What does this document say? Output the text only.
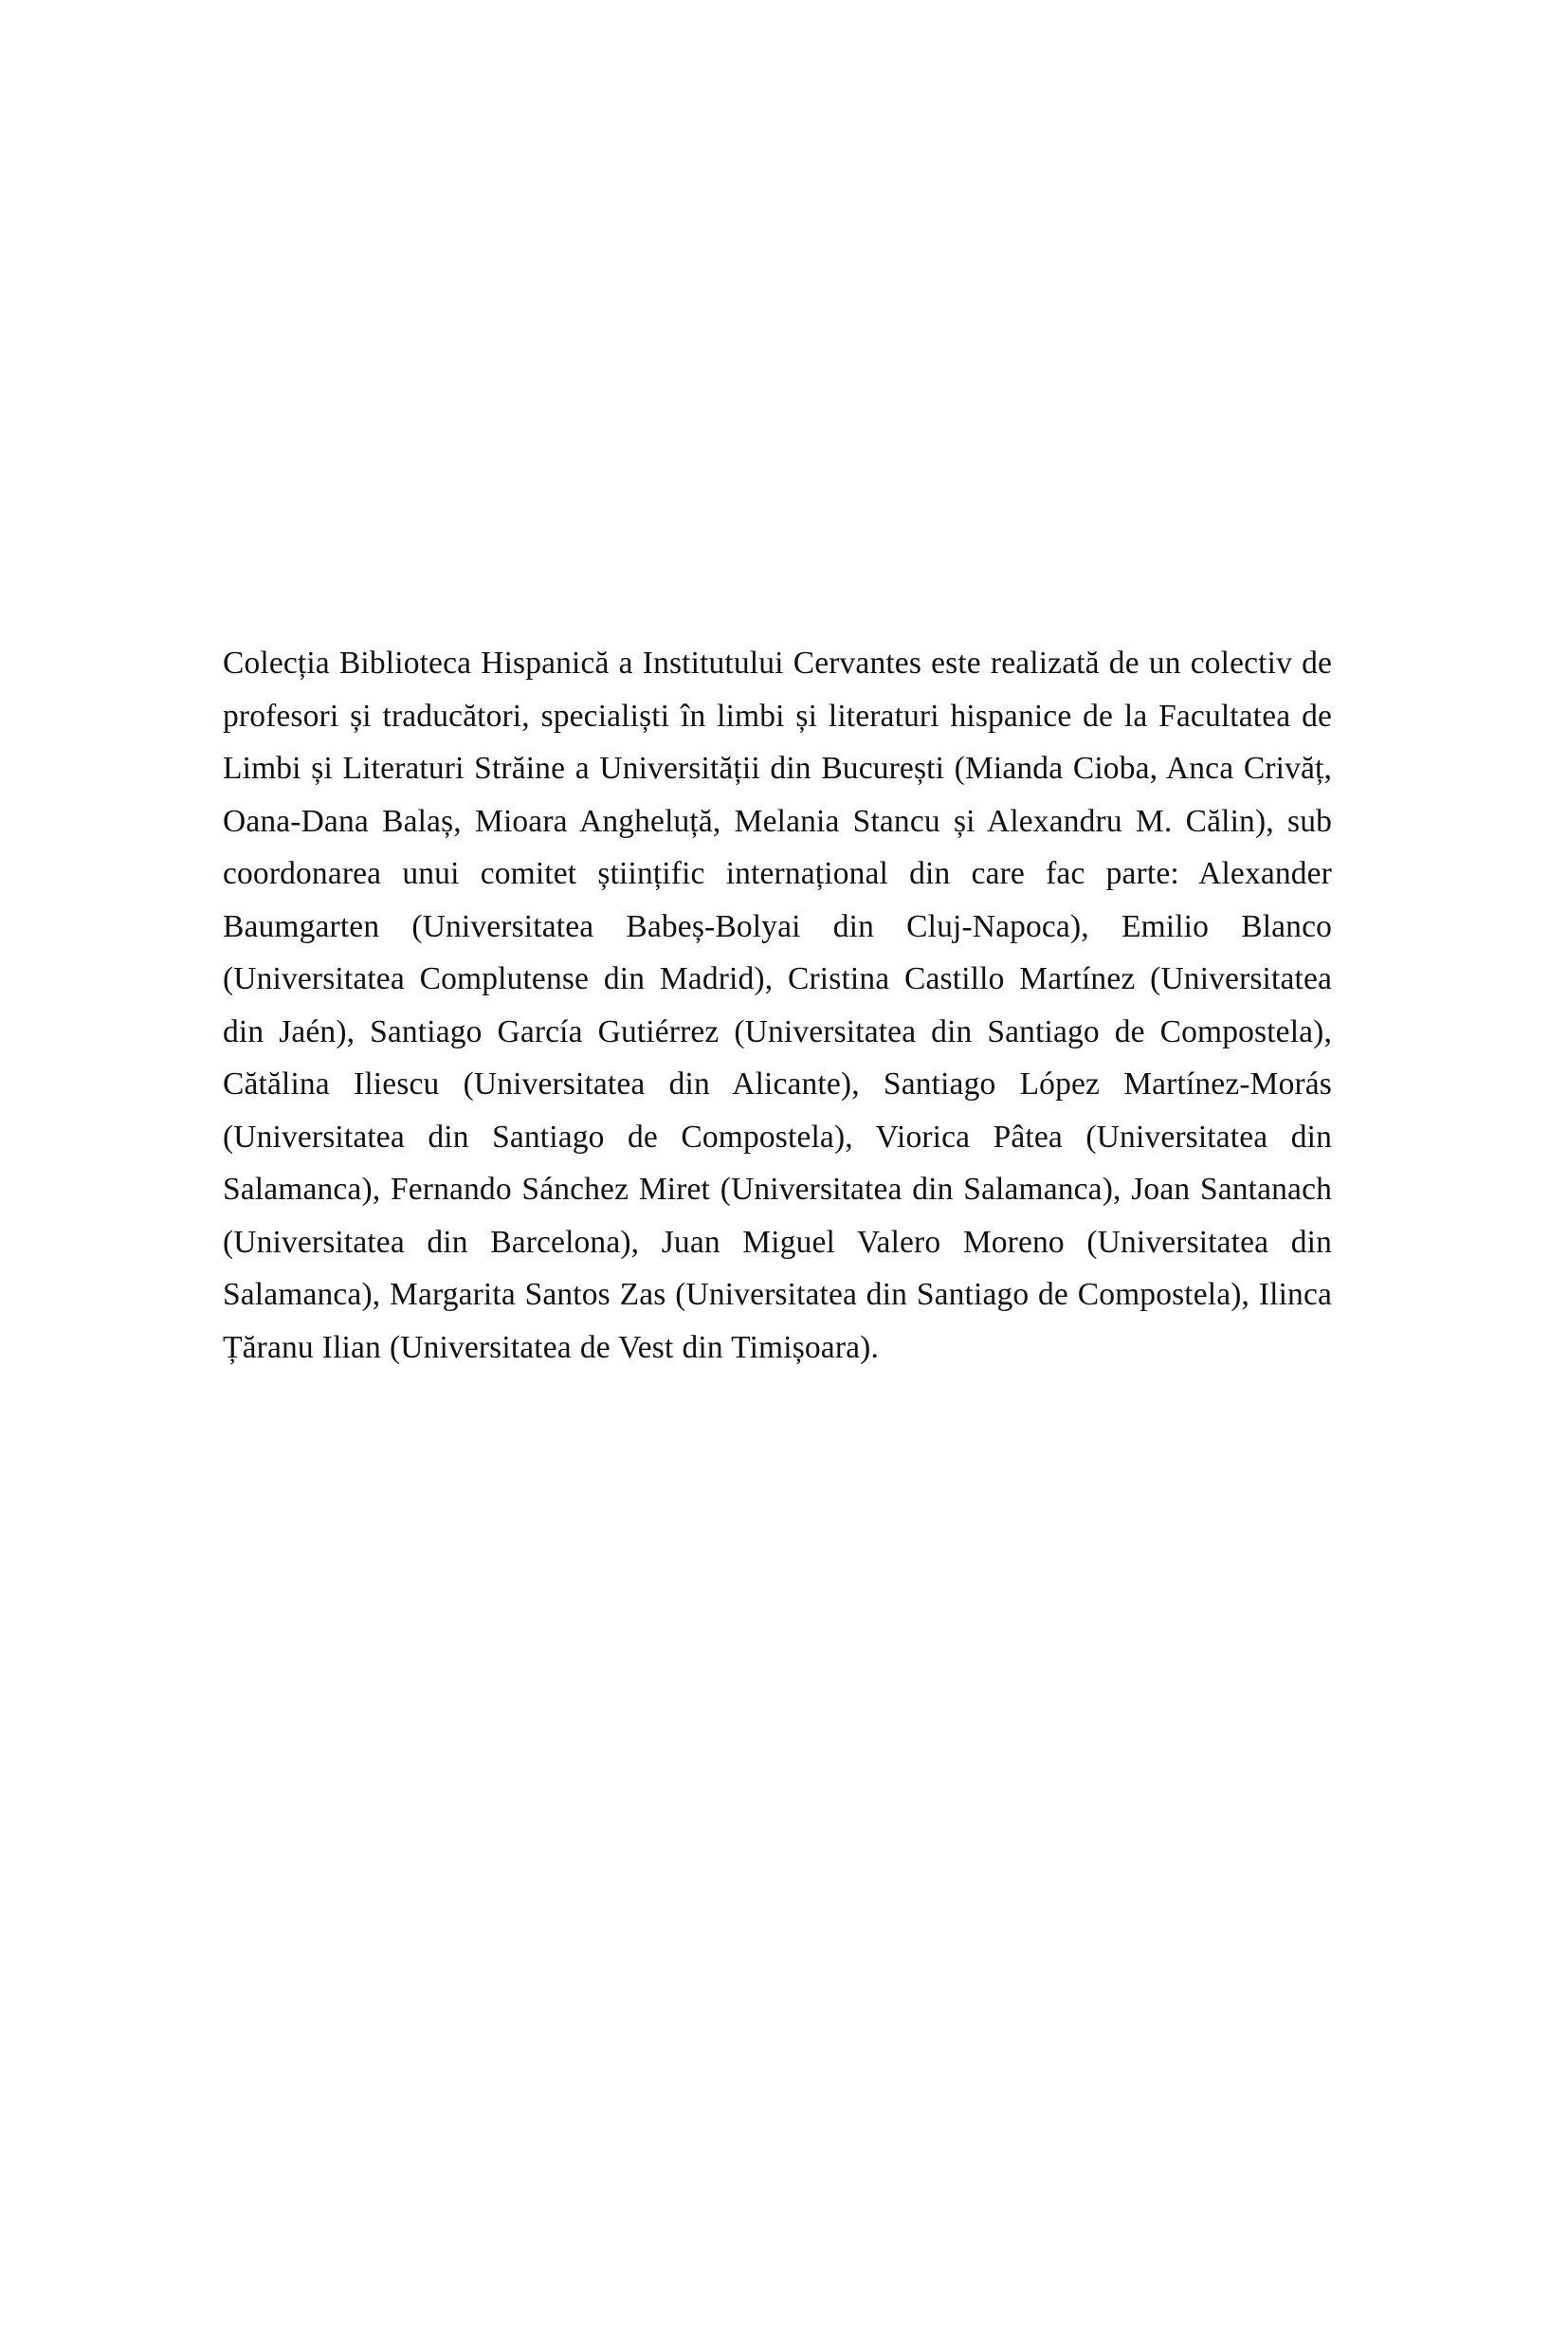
Colecția Biblioteca Hispanică a Institutului Cervantes este realizată de un colectiv de profesori și traducători, specialiști în limbi și literaturi hispanice de la Facultatea de Limbi și Literaturi Străine a Universității din București (Mianda Cioba, Anca Crivăț, Oana-Dana Balaș, Mioara Angheluță, Melania Stancu și Alexandru M. Călin), sub coordonarea unui comitet științific internațional din care fac parte: Alexander Baumgarten (Universitatea Babeș-Bolyai din Cluj-Napoca), Emilio Blanco (Universitatea Complutense din Madrid), Cristina Castillo Martínez (Universitatea din Jaén), Santiago García Gutiérrez (Universitatea din Santiago de Compostela), Cătălina Iliescu (Universitatea din Alicante), Santiago López Martínez-Morás (Universitatea din Santiago de Compostela), Viorica Pâtea (Universitatea din Salamanca), Fernando Sánchez Miret (Universitatea din Salamanca), Joan Santanach (Universitatea din Barcelona), Juan Miguel Valero Moreno (Universitatea din Salamanca), Margarita Santos Zas (Universitatea din Santiago de Compostela), Ilinca Țăranu Ilian (Universitatea de Vest din Timișoara).
